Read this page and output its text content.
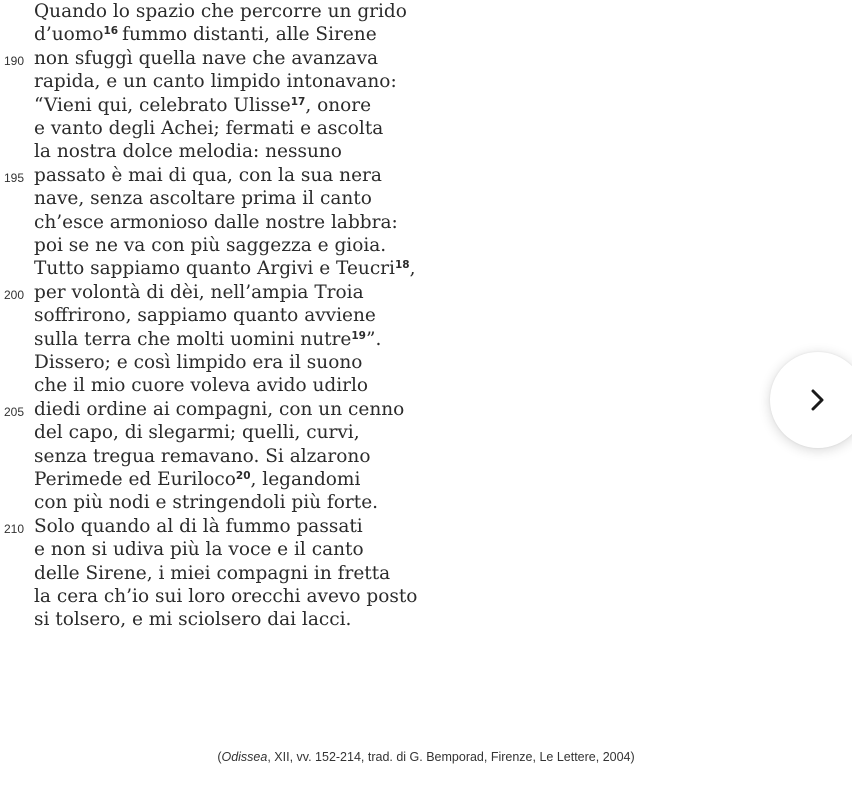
Quando lo spazio che percorre un grido
d’uomo$^{16}$ fummo distanti, alle Sirene
190 non sfuggì quella nave che avanzava
rapida, e un canto limpido intonavano:
“Vieni qui, celebrato Ulisse$^{17}$, onore
e vanto degli Achei; fermati e ascolta
la nostra dolce melodia: nessuno
195 passato è mai di qua, con la sua nera
nave, senza ascoltare prima il canto
ch’esce armonioso dalle nostre labbra:
poi se ne va con più saggezza e gioia.
Tutto sappiamo quanto Argivi e Teucri$^{18}$,
200 per volontà di dèi, nell’ampia Troia
soffrirono, sappiamo quanto avviene
sulla terra che molti uomini nutre$^{19}$”.
Dissero; e così limpido era il suono
che il mio cuore voleva avido udirlo
205 diedi ordine ai compagni, con un cenno
del capo, di slegarmi; quelli, curvi,
senza tregua remavano. Si alzarono
Perimede ed Euriloco$^{20}$, legandomi
con più nodi e stringendoli più forte.
210 Solo quando al di là fummo passati
e non si udiva più la voce e il canto
delle Sirene, i miei compagni in fretta
la cera ch’io sui loro orecchi avevo posto
si tolsero, e mi sciolsero dai lacci.
(Odissea, XII, vv. 152-214, trad. di G. Bemporad, Firenze, Le Lettere, 2004)
